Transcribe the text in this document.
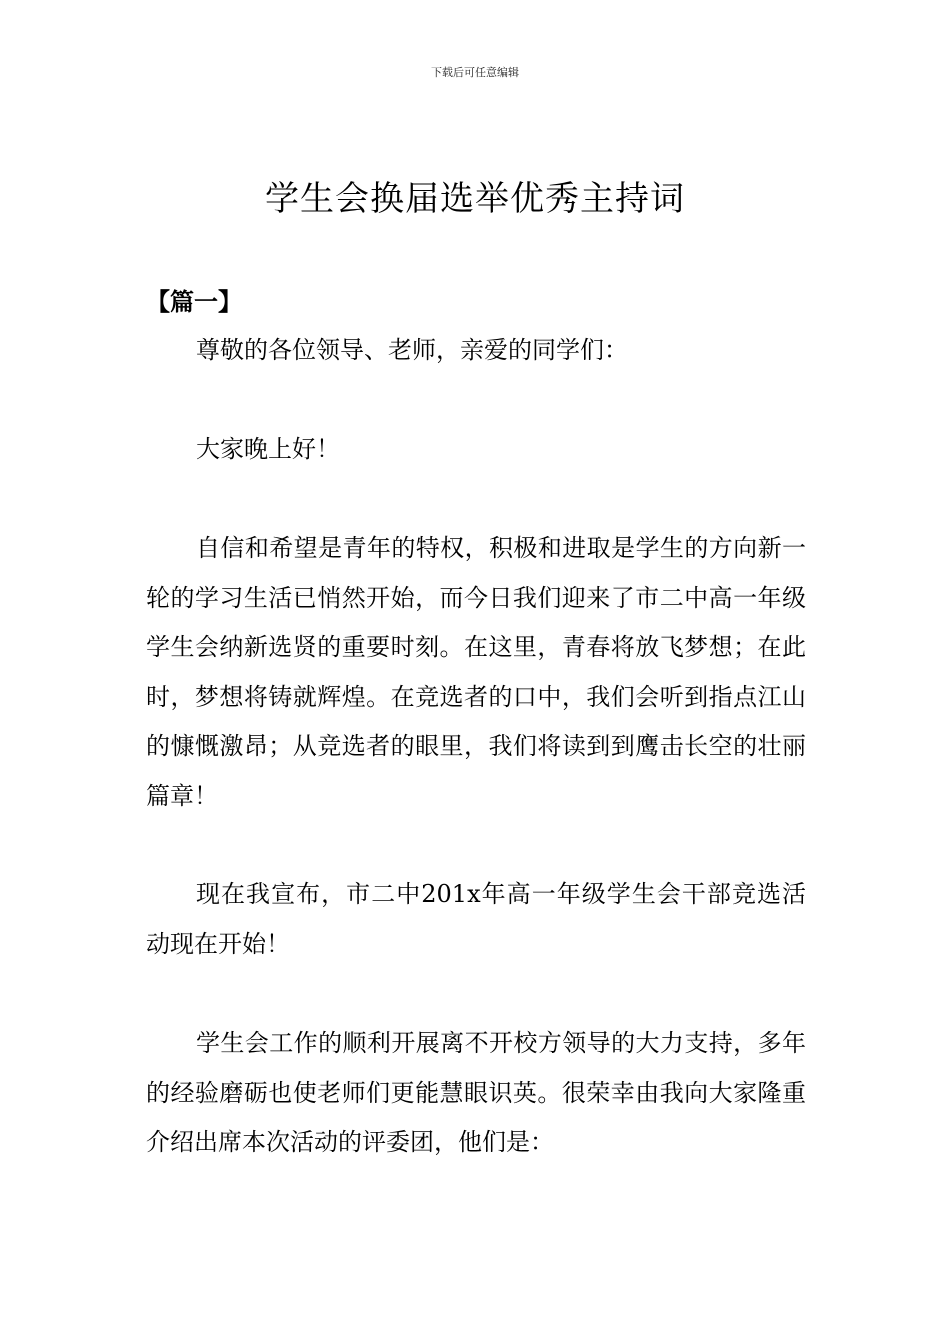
下载后可任意编辑
学生会换届选举优秀主持词
【篇一】

尊敬的各位领导、老师，亲爱的同学们：

大家晚上好！

自信和希望是青年的特权，积极和进取是学生的方向新一轮的学习生活已悄然开始，而今日我们迎来了市二中高一年级学生会纳新选贤的重要时刻。在这里，青春将放飞梦想；在此时，梦想将铸就辉煌。在竞选者的口中，我们会听到指点江山的慷慨激昂；从竞选者的眼里，我们将读到到鹰击长空的壮丽篇章！

现在我宣布，市二中201x年高一年级学生会干部竞选活动现在开始！

学生会工作的顺利开展离不开校方领导的大力支持，多年的经验磨砺也使老师们更能慧眼识英。很荣幸由我向大家隆重介绍出席本次活动的评委团，他们是：
